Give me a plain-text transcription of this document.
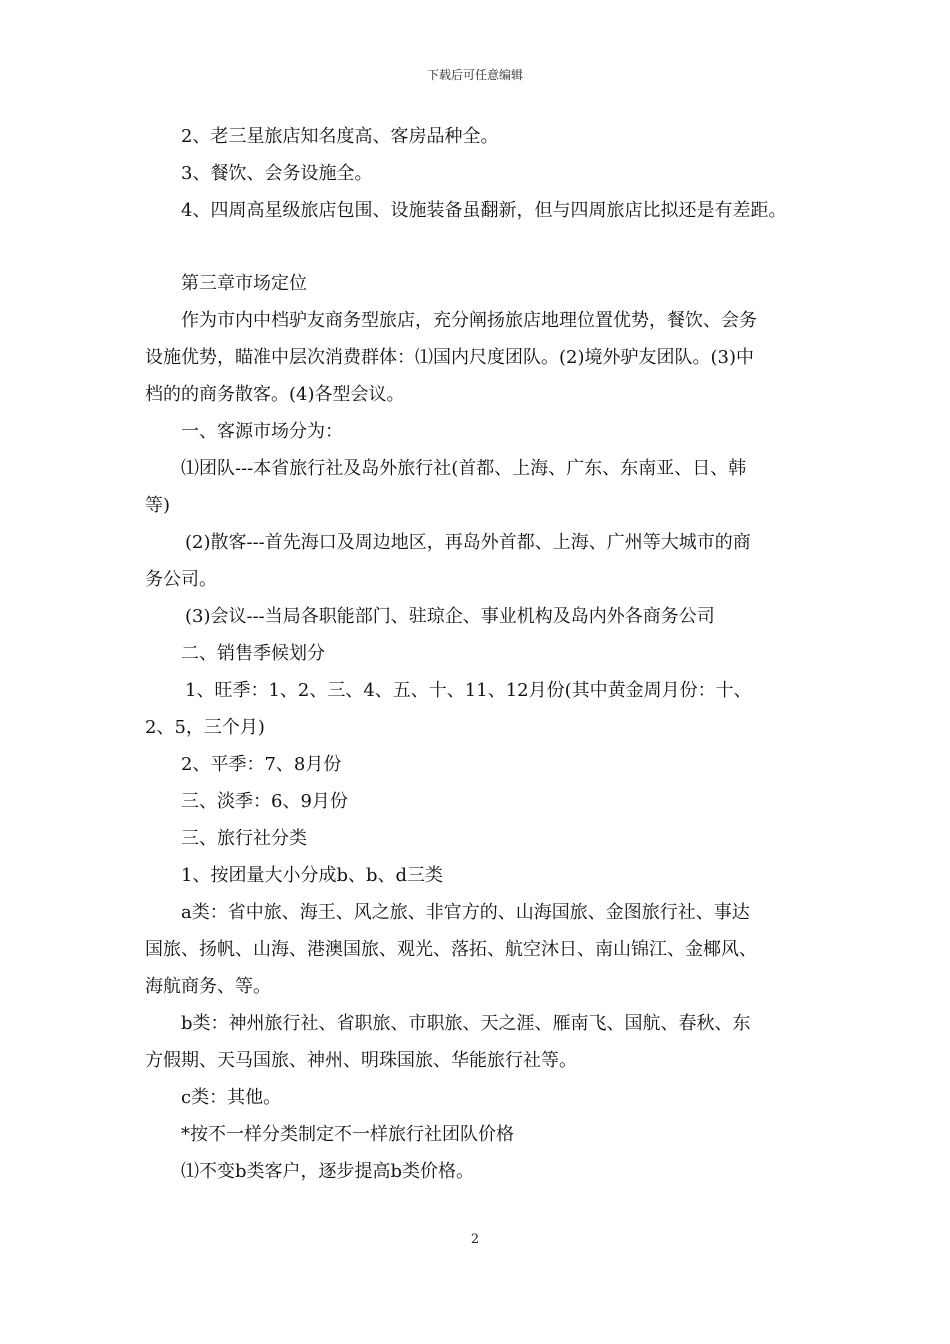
下载后可任意编辑

2、老三星旅店知名度高、客房品种全。

3、餐饮、会务设施全。

4、四周高星级旅店包围、设施装备虽翻新，但与四周旅店比拟还是有差距。

第三章市场定位

作为市内中档驴友商务型旅店，充分阐扬旅店地理位置优势，餐饮、会务

设施优势，瞄准中层次消费群体：⑴国内尺度团队。(2)境外驴友团队。(3)中

档的的商务散客。(4)各型会议。

一、客源市场分为：

⑴团队---本省旅行社及岛外旅行社(首都、上海、广东、东南亚、日、韩

等)

(2)散客---首先海口及周边地区，再岛外首都、上海、广州等大城市的商

务公司。

(3)会议---当局各职能部门、驻琼企、事业机构及岛内外各商务公司

二、销售季候划分

1、旺季：1、2、三、4、五、十、11、12月份(其中黄金周月份：十、

2、5，三个月)

2、平季：7、8月份

三、淡季：6、9月份

三、旅行社分类

1、按团量大小分成b、b、d三类

a类：省中旅、海王、风之旅、非官方的、山海国旅、金图旅行社、事达

国旅、扬帆、山海、港澳国旅、观光、落拓、航空沐日、南山锦江、金椰风、

海航商务、等。

b类：神州旅行社、省职旅、市职旅、天之涯、雁南飞、国航、春秋、东

方假期、天马国旅、神州、明珠国旅、华能旅行社等。

c类：其他。

*按不一样分类制定不一样旅行社团队价格

⑴不变b类客户，逐步提高b类价格。

2
